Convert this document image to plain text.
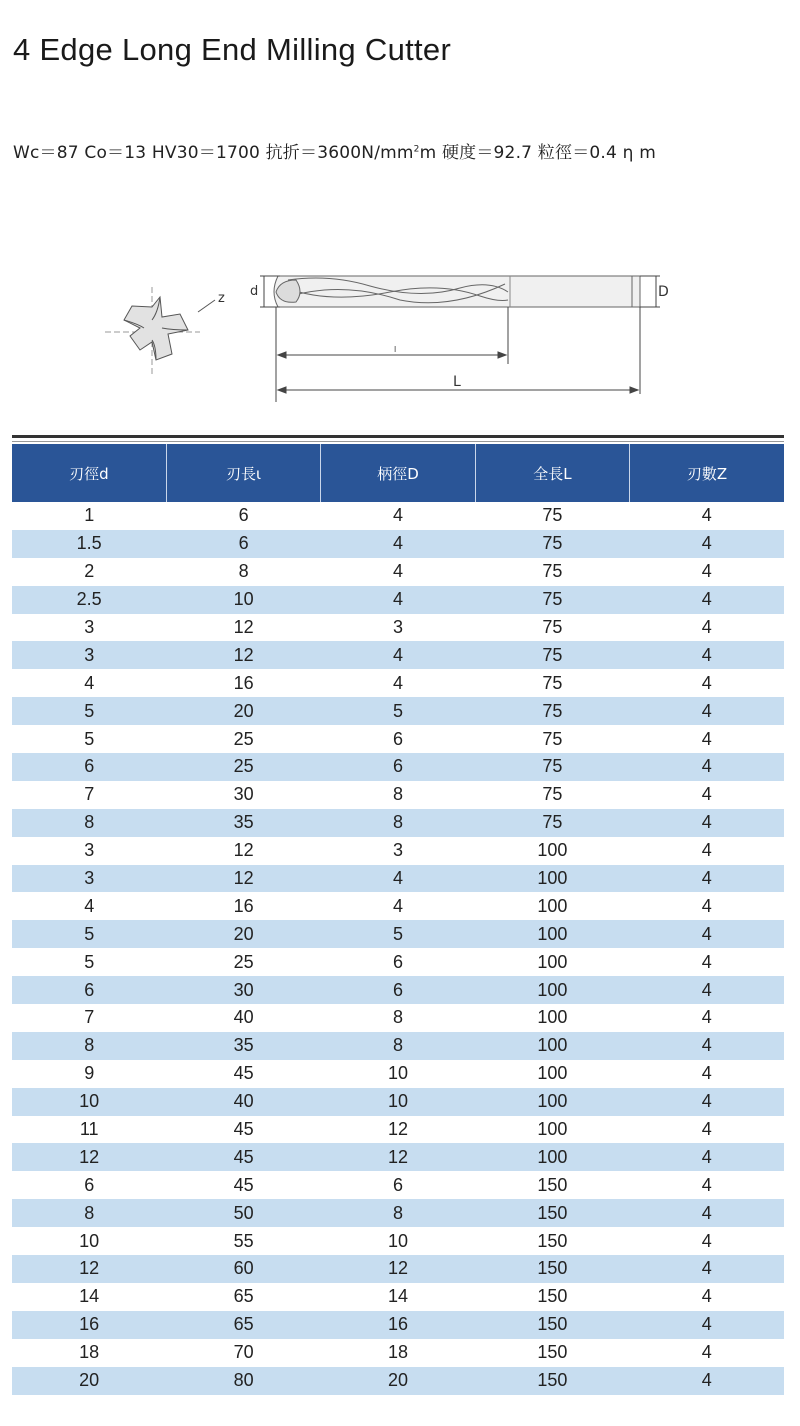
4 Edge Long End Milling Cutter
Wc＝87 Co＝13 HV30＝1700 抗折$=3600N/mm^2m$ 硬度＝92.7 粒徑＝0.4 η m
z d	D
l
L
刃徑d	刃長ι	柄徑D	全長L	刃數Z
1	6	4	75	4
1.5	6	4	75	4
2	8	4	75	4
2.5	10	4	75	4
3	12	3	75	4
3	12	4	75	4
4	16	4	75	4
5	20	5	75	4
5	25	6	75	4
6	25	6	75	4
7	30	8	75	4
8	35	8	75	4
3	12	3	100	4
3	12	4	100	4
4	16	4	100	4
5	20	5	100	4
5	25	6	100	4
6	30	6	100	4
7	40	8	100	4
8	35	8	100	4
9	45	10	100	4
10	40	10	100	4
11	45	12	100	4
12	45	12	100	4
6	45	6	150	4
8	50	8	150	4
10	55	10	150	4
12	60	12	150	4
14	65	14	150	4
16	65	16	150	4
18	70	18	150	4
20	80	20	150	4
